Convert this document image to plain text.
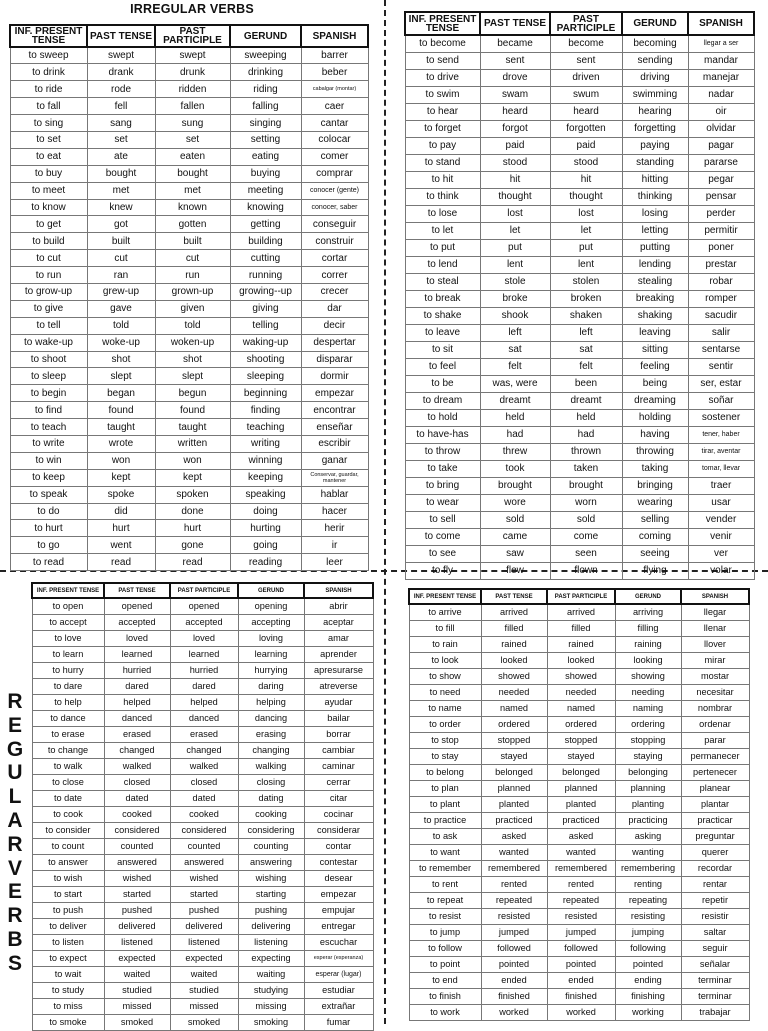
IRREGULAR VERBS
R
E
G
U
L
A
R
V
E
R
B
S
INF. PRESENT TENSE	PAST TENSE	PAST PARTICIPLE	GERUND	SPANISH
to sweep	swept	swept	sweeping	barrer
to drink	drank	drunk	drinking	beber
to ride	rode	ridden	riding	cabalgar (montar)
to fall	fell	fallen	falling	caer
to sing	sang	sung	singing	cantar
to set	set	set	setting	colocar
to eat	ate	eaten	eating	comer
to buy	bought	bought	buying	comprar
to meet	met	met	meeting	conocer (gente)
to know	knew	known	knowing	conocer, saber
to get	got	gotten	getting	conseguir
to build	built	built	building	construir
to cut	cut	cut	cutting	cortar
to run	ran	run	running	correr
to grow-up	grew-up	grown-up	growing--up	crecer
to give	gave	given	giving	dar
to tell	told	told	telling	decir
to wake-up	woke-up	woken-up	waking-up	despertar
to shoot	shot	shot	shooting	disparar
to sleep	slept	slept	sleeping	dormir
to begin	began	begun	beginning	empezar
to find	found	found	finding	encontrar
to teach	taught	taught	teaching	enseñar
to write	wrote	written	writing	escribir
to win	won	won	winning	ganar
to keep	kept	kept	keeping	Conservar, guardar, mantener
to speak	spoke	spoken	speaking	hablar
to do	did	done	doing	hacer
to hurt	hurt	hurt	hurting	herir
to go	went	gone	going	ir
to read	read	read	reading	leer
INF. PRESENT TENSE	PAST TENSE	PAST PARTICIPLE	GERUND	SPANISH
to become	became	become	becoming	llegar a ser
to send	sent	sent	sending	mandar
to drive	drove	driven	driving	manejar
to swim	swam	swum	swimming	nadar
to hear	heard	heard	hearing	oir
to forget	forgot	forgotten	forgetting	olvidar
to pay	paid	paid	paying	pagar
to stand	stood	stood	standing	pararse
to hit	hit	hit	hitting	pegar
to think	thought	thought	thinking	pensar
to lose	lost	lost	losing	perder
to let	let	let	letting	permitir
to put	put	put	putting	poner
to lend	lent	lent	lending	prestar
to steal	stole	stolen	stealing	robar
to break	broke	broken	breaking	romper
to shake	shook	shaken	shaking	sacudir
to leave	left	left	leaving	salir
to sit	sat	sat	sitting	sentarse
to feel	felt	felt	feeling	sentir
to be	was, were	been	being	ser, estar
to dream	dreamt	dreamt	dreaming	soñar
to hold	held	held	holding	sostener
to have-has	had	had	having	tener, haber
to throw	threw	thrown	throwing	tirar, aventar
to take	took	taken	taking	tomar, llevar
to bring	brought	brought	bringing	traer
to wear	wore	worn	wearing	usar
to sell	sold	sold	selling	vender
to come	came	come	coming	venir
to see	saw	seen	seeing	ver
to fly	flew	flown	flying	volar
INF. PRESENT TENSE	PAST TENSE	PAST PARTICIPLE	GERUND	SPANISH
to open	opened	opened	opening	abrir
to accept	accepted	accepted	accepting	aceptar
to love	loved	loved	loving	amar
to learn	learned	learned	learning	aprender
to hurry	hurried	hurried	hurrying	apresurarse
to dare	dared	dared	daring	atreverse
to help	helped	helped	helping	ayudar
to dance	danced	danced	dancing	bailar
to erase	erased	erased	erasing	borrar
to change	changed	changed	changing	cambiar
to walk	walked	walked	walking	caminar
to close	closed	closed	closing	cerrar
to date	dated	dated	dating	citar
to cook	cooked	cooked	cooking	cocinar
to consider	considered	considered	considering	considerar
to count	counted	counted	counting	contar
to answer	answered	answered	answering	contestar
to wish	wished	wished	wishing	desear
to start	started	started	starting	empezar
to push	pushed	pushed	pushing	empujar
to deliver	delivered	delivered	delivering	entregar
to listen	listened	listened	listening	escuchar
to expect	expected	expected	expecting	esperar (esperanza)
to wait	waited	waited	waiting	esperar (lugar)
to study	studied	studied	studying	estudiar
to miss	missed	missed	missing	extrañar
to smoke	smoked	smoked	smoking	fumar
INF. PRESENT TENSE	PAST TENSE	PAST PARTICIPLE	GERUND	SPANISH
to arrive	arrived	arrived	arriving	llegar
to fill	filled	filled	filling	llenar
to rain	rained	rained	raining	llover
to look	looked	looked	looking	mirar
to show	showed	showed	showing	mostar
to need	needed	needed	needing	necesitar
to name	named	named	naming	nombrar
to order	ordered	ordered	ordering	ordenar
to stop	stopped	stopped	stopping	parar
to stay	stayed	stayed	staying	permanecer
to belong	belonged	belonged	belonging	pertenecer
to plan	planned	planned	planning	planear
to plant	planted	planted	planting	plantar
to practice	practiced	practiced	practicing	practicar
to ask	asked	asked	asking	preguntar
to want	wanted	wanted	wanting	querer
to remember	remembered	remembered	remembering	recordar
to rent	rented	rented	renting	rentar
to repeat	repeated	repeated	repeating	repetir
to resist	resisted	resisted	resisting	resistir
to jump	jumped	jumped	jumping	saltar
to follow	followed	followed	following	seguir
to point	pointed	pointed	pointed	señalar
to end	ended	ended	ending	terminar
to finish	finished	finished	finishing	terminar
to work	worked	worked	working	trabajar
